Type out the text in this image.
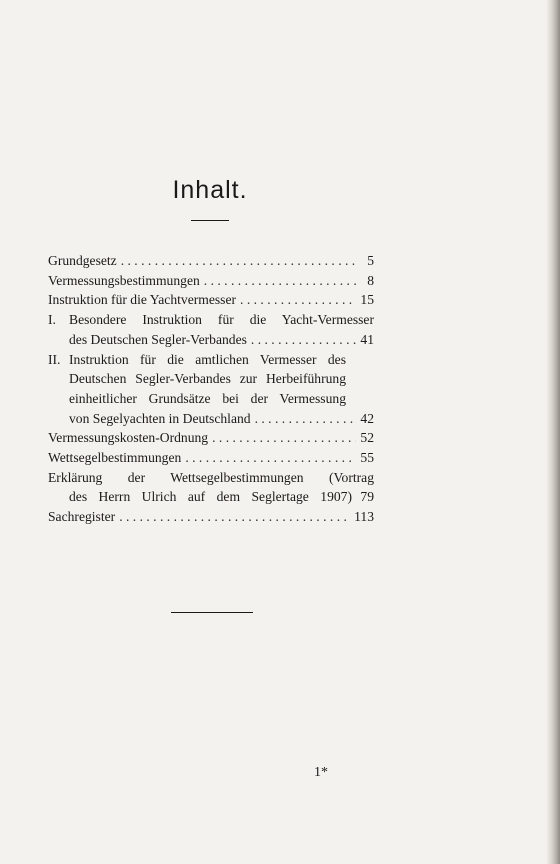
Inhalt.
Grundgesetz . . .	5
Vermessungsbestimmungen . . .	8
Instruktion für die Yachtvermesser . . .	15
I. Besondere Instruktion für die Yacht-Vermesser
des Deutschen Segler-Verbandes . . .	41
II. Instruktion für die amtlichen Vermesser des
Deutschen Segler-Verbandes zur Herbeiführung
einheitlicher Grundsätze bei der Vermessung
von Segelyachten in Deutschland . . .	42
Vermessungskosten-Ordnung . . .	52
Wettsegelbestimmungen . . .	55
Erklärung der Wettsegelbestimmungen (Vortrag
des Herrn Ulrich auf dem Seglertage 1907) 79
Sachregister . . .	113
1*
